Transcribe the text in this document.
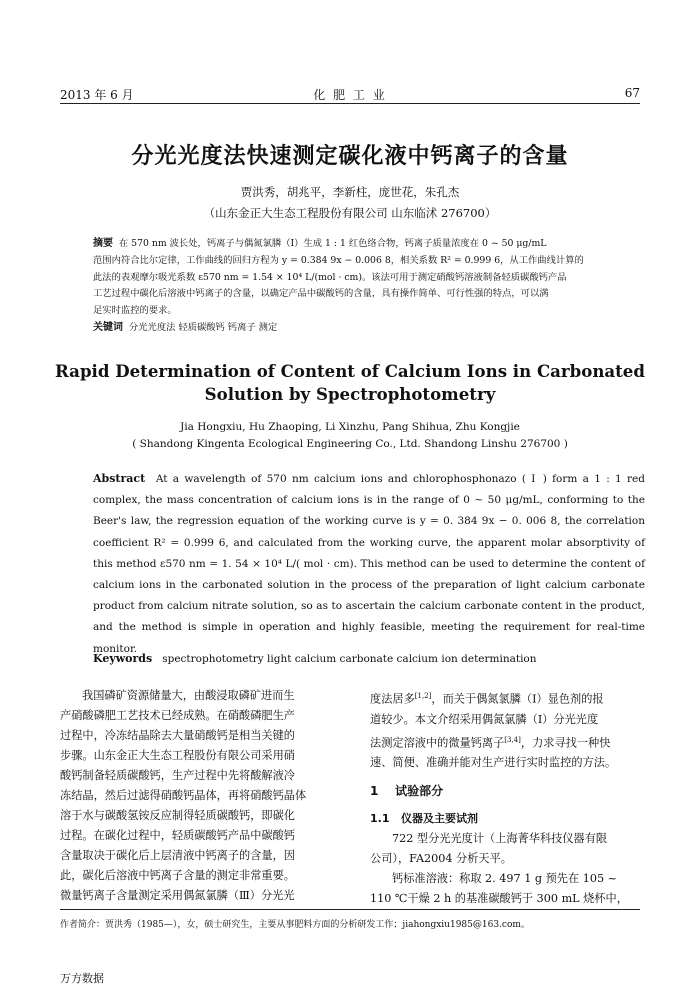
2013 年 6 月	化 肥 工 业	67
分光光度法快速测定碳化液中钙离子的含量
贾洪秀，胡兆平，李新柱，庞世花，朱孔杰
（山东金正大生态工程股份有限公司 山东临沭 276700）

摘要 在 570 nm 波长处，钙离子与偶氮氯膦（Ⅰ）生成 1 : 1 红色络合物，钙离子质量浓度在 0 ~ 50 μg/mL

范围内符合比尔定律，工作曲线的回归方程为 y = 0.384 9x − 0.006 8，相关系数 R² = 0.999 6，从工作曲线计算的

此法的表观摩尔吸光系数 ε570 nm = 1.54 × 10⁴ L/(mol · cm)。该法可用于测定硝酸钙溶液制备轻质碳酸钙产品

工艺过程中碳化后溶液中钙离子的含量，以确定产品中碳酸钙的含量，具有操作简单、可行性强的特点，可以满

足实时监控的要求。

关键词 分光光度法 轻质碳酸钙 钙离子 测定

Rapid Determination of Content of Calcium Ions in Carbonated
Solution by Spectrophotometry
Jia Hongxiu, Hu Zhaoping, Li Xinzhu, Pang Shihua, Zhu Kongjie
( Shandong Kingenta Ecological Engineering Co., Ltd. Shandong Linshu 276700 )

Abstract At a wavelength of 570 nm calcium ions and chlorophosphonazo ( Ⅰ ) form a 1 : 1 red

complex, the mass concentration of calcium ions is in the range of 0 ~ 50 μg/mL, conforming to the

Beer's law, the regression equation of the working curve is y = 0. 384 9x − 0. 006 8, the correlation

coefficient R² = 0.999 6, and calculated from the working curve, the apparent molar absorptivity of

this method ε570 nm = 1. 54 × 10⁴ L/( mol · cm). This method can be used to determine the content of

calcium ions in the carbonated solution in the process of the preparation of light calcium carbonate

product from calcium nitrate solution, so as to ascertain the calcium carbonate content in the product,

and the method is simple in operation and highly feasible, meeting the requirement for real-time

monitor.

Keywords spectrophotometry light calcium carbonate calcium ion determination

我国磷矿资源储量大，由酸浸取磷矿进而生

产硝酸磷肥工艺技术已经成熟。在硝酸磷肥生产

过程中，冷冻结晶除去大量硝酸钙是相当关键的

步骤。山东金正大生态工程股份有限公司采用硝

酸钙制备轻质碳酸钙，生产过程中先将酸解液冷

冻结晶，然后过滤得硝酸钙晶体，再将硝酸钙晶体

溶于水与碳酸氢铵反应制得轻质碳酸钙，即碳化

过程。在碳化过程中，轻质碳酸钙产品中碳酸钙

含量取决于碳化后上层清液中钙离子的含量，因

此，碳化后溶液中钙离子含量的测定非常重要。

微量钙离子含量测定采用偶氮氯膦（Ⅲ）分光光

度法居多[1,2]，而关于偶氮氯膦（Ⅰ）显色剂的报

道较少。本文介绍采用偶氮氯膦（Ⅰ）分光光度

法测定溶液中的微量钙离子[3,4]，力求寻找一种快

速、简便、准确并能对生产进行实时监控的方法。

1 试验部分

1.1 仪器及主要试剂

722 型分光光度计（上海菁华科技仪器有限

公司），FA2004 分析天平。

钙标准溶液：称取 2. 497 1 g 预先在 105 ~

110 ℃干燥 2 h 的基准碳酸钙于 300 mL 烧杯中，

作者简介：贾洪秀（1985—），女，硕士研究生，主要从事肥料方面的分析研发工作；jiahongxiu1985@163.com。
万方数据
